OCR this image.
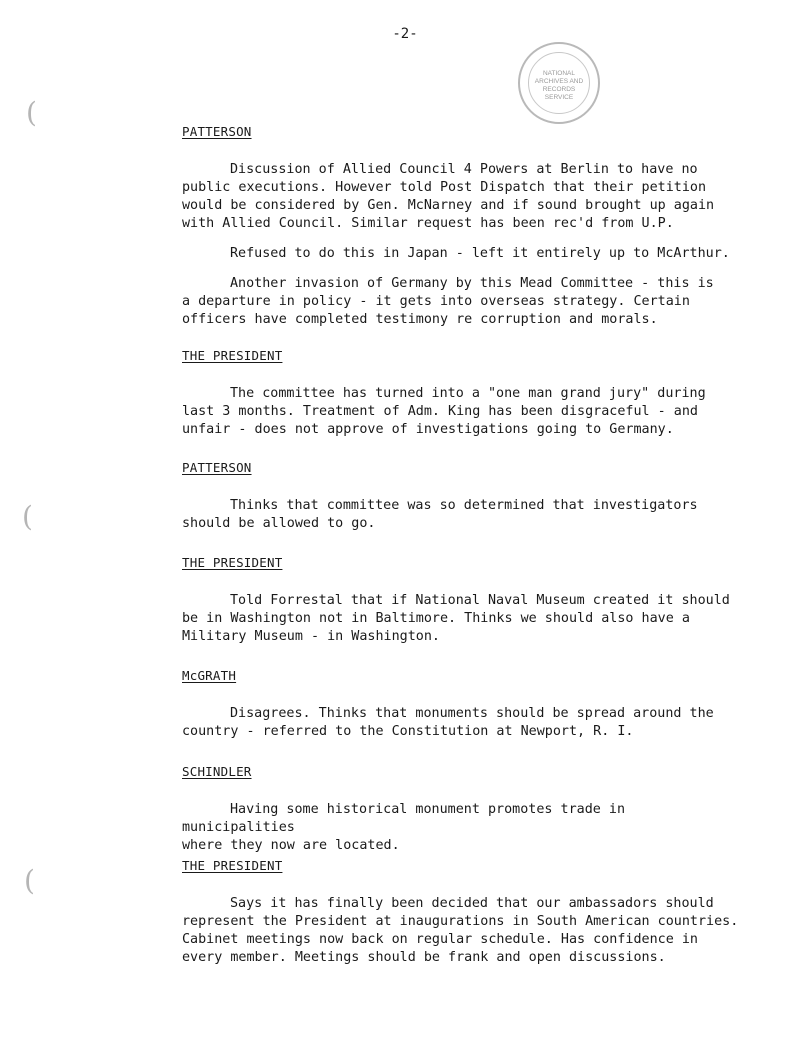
-2-
NATIONAL
ARCHIVES AND
RECORDS
SERVICE
(
(
(
PATTERSON
Discussion of Allied Council 4 Powers at Berlin to have no
public executions. However told Post Dispatch that their petition
would be considered by Gen. McNarney and if sound brought up again
with Allied Council. Similar request has been rec'd from U.P.
Refused to do this in Japan - left it entirely up to McArthur.
Another invasion of Germany by this Mead Committee - this is
a departure in policy - it gets into overseas strategy. Certain
officers have completed testimony re corruption and morals.
THE PRESIDENT
The committee has turned into a "one man grand jury" during
last 3 months. Treatment of Adm. King has been disgraceful - and
unfair - does not approve of investigations going to Germany.
PATTERSON
Thinks that committee was so determined that investigators
should be allowed to go.
THE PRESIDENT
Told Forrestal that if National Naval Museum created it should
be in Washington not in Baltimore. Thinks we should also have a
Military Museum - in Washington.
McGRATH
Disagrees. Thinks that monuments should be spread around the
country - referred to the Constitution at Newport, R. I.
SCHINDLER
Having some historical monument promotes trade in municipalities
where they now are located.
THE PRESIDENT
Says it has finally been decided that our ambassadors should
represent the President at inaugurations in South American countries.
Cabinet meetings now back on regular schedule. Has confidence in
every member. Meetings should be frank and open discussions.
